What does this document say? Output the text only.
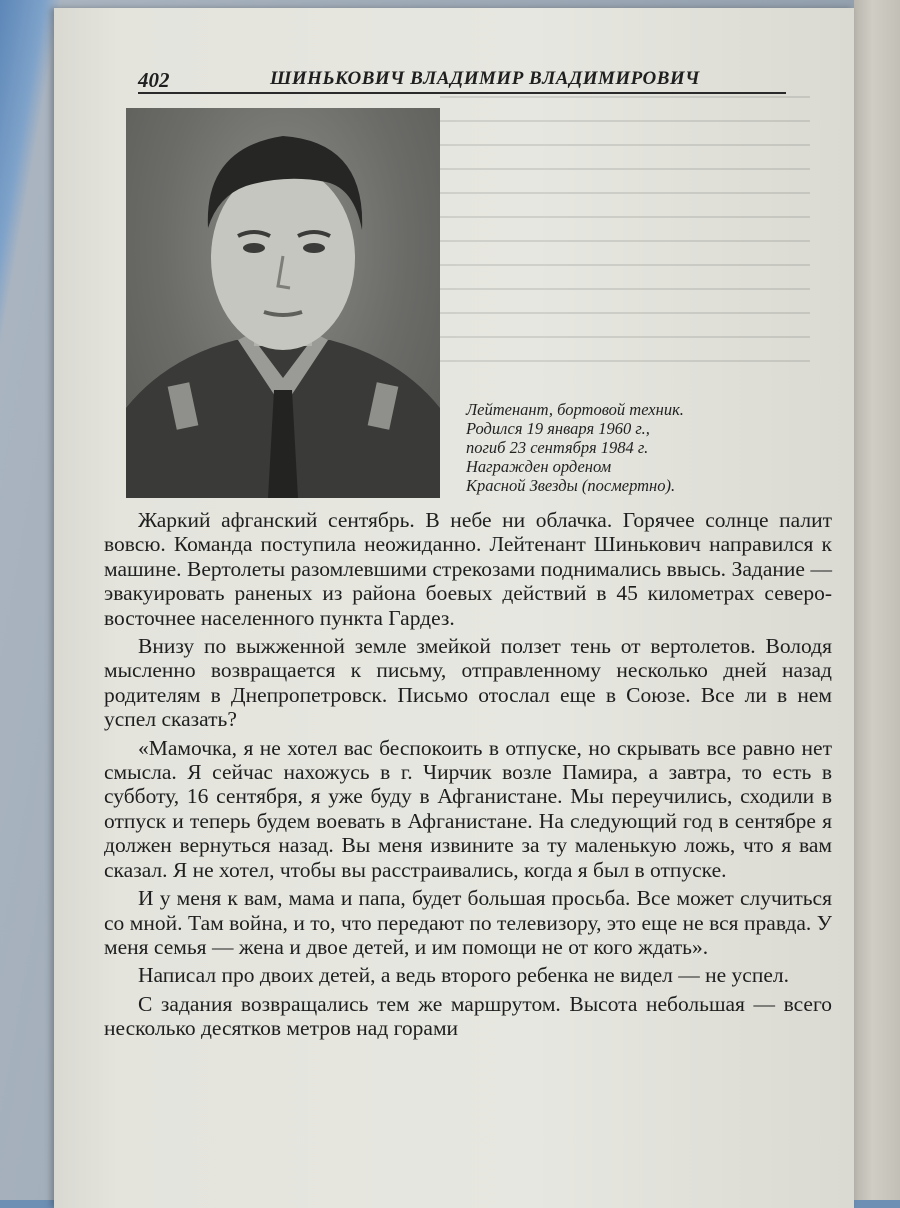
402	ШИНЬКОВИЧ ВЛАДИМИР ВЛАДИМИРОВИЧ
Лейтенант, бортовой техник.
Родился 19 января 1960 г.,
погиб 23 сентября 1984 г.
Награжден орденом
Красной Звезды (посмертно).

Жаркий афганский сентябрь. В небе ни облачка. Горячее солнце палит вовсю. Команда поступила неожиданно. Лейтенант Шинькович направился к машине. Вертолеты разомлевшими стрекозами поднимались ввысь. Задание — эвакуировать раненых из района боевых действий в 45 километрах северо-восточнее населенного пункта Гардез.

Внизу по выжженной земле змейкой ползет тень от вертолетов. Володя мысленно возвращается к письму, отправленному несколько дней назад родителям в Днепропетровск. Письмо отослал еще в Союзе. Все ли в нем успел сказать?

«Мамочка, я не хотел вас беспокоить в отпуске, но скрывать все равно нет смысла. Я сейчас нахожусь в г. Чирчик возле Памира, а завтра, то есть в субботу, 16 сентября, я уже буду в Афганистане. Мы переучились, сходили в отпуск и теперь будем воевать в Афганистане. На следующий год в сентябре я должен вернуться назад. Вы меня извините за ту маленькую ложь, что я вам сказал. Я не хотел, чтобы вы расстраивались, когда я был в отпуске.

И у меня к вам, мама и папа, будет большая просьба. Все может случиться со мной. Там война, и то, что передают по телевизору, это еще не вся правда. У меня семья — жена и двое детей, и им помощи не от кого ждать».

Написал про двоих детей, а ведь второго ребенка не видел — не успел.

С задания возвращались тем же маршрутом. Высота небольшая — всего несколько десятков метров над горами
